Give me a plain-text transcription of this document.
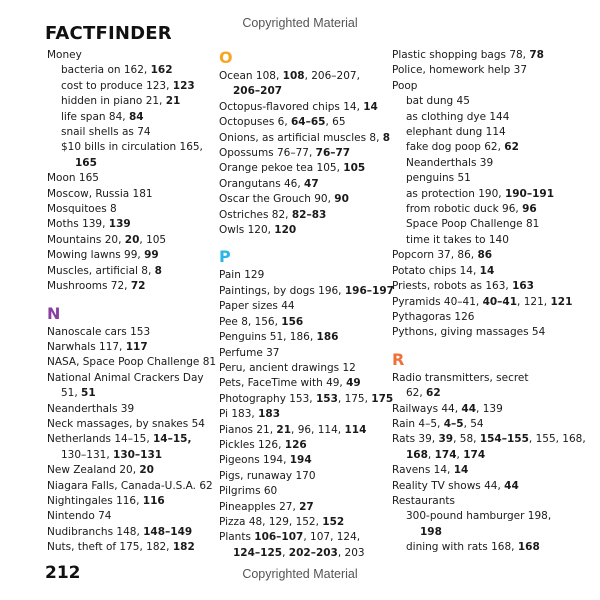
Copyrighted Material
FACTFINDER
Money
bacteria on 162, 162
cost to produce 123, 123
hidden in piano 21, 21
life span 84, 84
snail shells as 74
$10 bills in circulation 165,
165
Moon 165
Moscow, Russia 181
Mosquitoes 8
Moths 139, 139
Mountains 20, 20, 105
Mowing lawns 99, 99
Muscles, artificial 8, 8
Mushrooms 72, 72
N
Nanoscale cars 153
Narwhals 117, 117
NASA, Space Poop Challenge 81
National Animal Crackers Day
51, 51
Neanderthals 39
Neck massages, by snakes 54
Netherlands 14–15, 14–15,
130–131, 130–131
New Zealand 20, 20
Niagara Falls, Canada-U.S.A. 62
Nightingales 116, 116
Nintendo 74
Nudibranchs 148, 148–149
Nuts, theft of 175, 182, 182
O
Ocean 108, 108, 206–207,
206–207
Octopus-flavored chips 14, 14
Octopuses 6, 64–65, 65
Onions, as artificial muscles 8, 8
Opossums 76–77, 76–77
Orange pekoe tea 105, 105
Orangutans 46, 47
Oscar the Grouch 90, 90
Ostriches 82, 82–83
Owls 120, 120
P
Pain 129
Paintings, by dogs 196, 196–197
Paper sizes 44
Pee 8, 156, 156
Penguins 51, 186, 186
Perfume 37
Peru, ancient drawings 12
Pets, FaceTime with 49, 49
Photography 153, 153, 175, 175
Pi 183, 183
Pianos 21, 21, 96, 114, 114
Pickles 126, 126
Pigeons 194, 194
Pigs, runaway 170
Pilgrims 60
Pineapples 27, 27
Pizza 48, 129, 152, 152
Plants 106–107, 107, 124,
124–125, 202–203, 203
Plastic shopping bags 78, 78
Police, homework help 37
Poop
bat dung 45
as clothing dye 144
elephant dung 114
fake dog poop 62, 62
Neanderthals 39
penguins 51
as protection 190, 190–191
from robotic duck 96, 96
Space Poop Challenge 81
time it takes to 140
Popcorn 37, 86, 86
Potato chips 14, 14
Priests, robots as 163, 163
Pyramids 40–41, 40–41, 121, 121
Pythagoras 126
Pythons, giving massages 54
R
Radio transmitters, secret
62, 62
Railways 44, 44, 139
Rain 4–5, 4–5, 54
Rats 39, 39, 58, 154–155, 155, 168,
168, 174, 174
Ravens 14, 14
Reality TV shows 44, 44
Restaurants
300-pound hamburger 198,
198
dining with rats 168, 168
212	Copyrighted Material
